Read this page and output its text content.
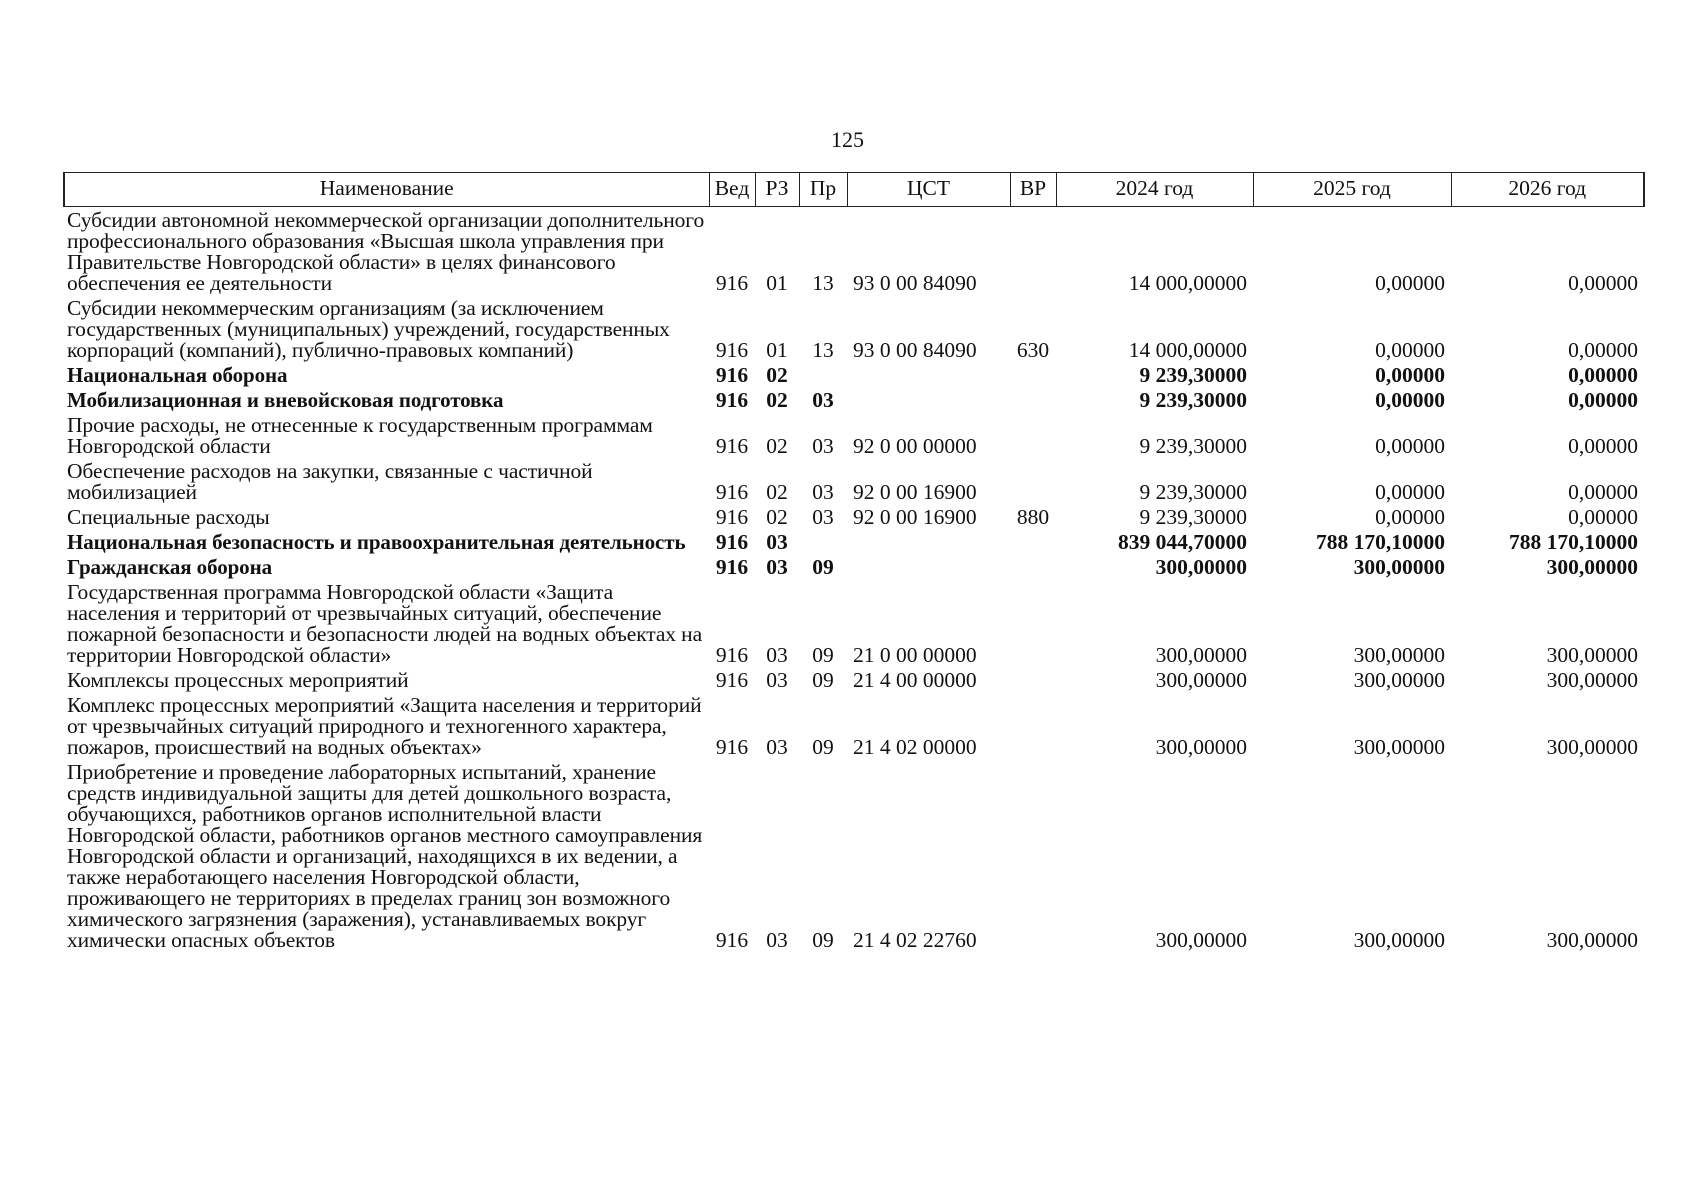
125
Наименование	Вед	РЗ	Пр	ЦСТ	ВР	2024 год	2025 год	2026 год
Субсидии автономной некоммерческой организации дополнительного профессионального образования «Высшая школа управления при Правительстве Новгородской области» в целях финансового обеспечения ее деятельности	916	01	13	93 0 00 84090		14 000,00000	0,00000	0,00000
Субсидии некоммерческим организациям (за исключением государственных (муниципальных) учреждений, государственных корпораций (компаний), публично-правовых компаний)	916	01	13	93 0 00 84090	630	14 000,00000	0,00000	0,00000
Национальная оборона	916	02				9 239,30000	0,00000	0,00000
Мобилизационная и вневойсковая подготовка	916	02	03			9 239,30000	0,00000	0,00000
Прочие расходы, не отнесенные к государственным программам Новгородской области	916	02	03	92 0 00 00000		9 239,30000	0,00000	0,00000
Обеспечение расходов на закупки, связанные с частичной мобилизацией	916	02	03	92 0 00 16900		9 239,30000	0,00000	0,00000
Специальные расходы	916	02	03	92 0 00 16900	880	9 239,30000	0,00000	0,00000
Национальная безопасность и правоохранительная деятельность	916	03				839 044,70000	788 170,10000	788 170,10000
Гражданская оборона	916	03	09			300,00000	300,00000	300,00000
Государственная программа Новгородской области «Защита населения и территорий от чрезвычайных ситуаций, обеспечение пожарной безопасности и безопасности людей на водных объектах на территории Новгородской области»	916	03	09	21 0 00 00000		300,00000	300,00000	300,00000
Комплексы процессных мероприятий	916	03	09	21 4 00 00000		300,00000	300,00000	300,00000
Комплекс процессных мероприятий «Защита населения и территорий от чрезвычайных ситуаций природного и техногенного характера, пожаров, происшествий на водных объектах»	916	03	09	21 4 02 00000		300,00000	300,00000	300,00000
Приобретение и проведение лабораторных испытаний, хранение средств индивидуальной защиты для детей дошкольного возраста, обучающихся, работников органов исполнительной власти Новгородской области, работников органов местного самоуправления Новгородской области и организаций, находящихся в их ведении, а также неработающего населения Новгородской области, проживающего не территориях в пределах границ зон возможного химического загрязнения (заражения), устанавливаемых вокруг химически опасных объектов	916	03	09	21 4 02 22760		300,00000	300,00000	300,00000
